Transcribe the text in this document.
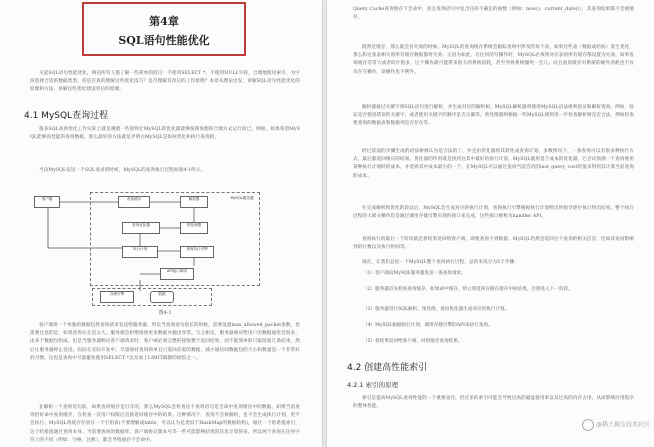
第4章
SQL语句性能优化
关起SQL语句性能优化，相信所有人都了解一些简单的技巧：不使用SELECT *、不使用NULL字段，合理地使用索引、为字段选择合适的数据类型，你是否真的理解这些优化技巧？是否理解其背后的工作原理？本章从理论出发，讲解SQL语句性能优化的原理和方法，讲解这些优化建设背后的原理。
4.1 MySQL查询过程
很多SQL查询优化工作实际上就是遵循一些原则让MySQL的优化器能够按照预想的合理方式运行而已。例如，如果希望MySQL能够高性能的查询数据，那么最好的方法就是弄明白MySQL是如何优化和执行查询的。
当向MySQL发送一个SQL请求的时候，MySQL的查询执行过程如图4-1所示。
客户端	查询缓存	解析器
预处理器
查询优化器
执行计划	查询执行引擎
API接口调用
存储引擎	数据
MySQL服务器
图4-1
客户端用一个单独的数据包将查询请求发送给服务器，所以当查询语句很长的时候，需要设置max_allowed_packet参数，但需要注意的是，如果查询实在是太大，服务端会拒绝接收更多数据并抛出异常。与之相反，服务器响应给用户的数据通常会很多，由多个数据包组成。但是当服务器响应客户端请求时，客户端必须完整的接收整个返回结果，而不能简单的只取前面几条结果，然后让服务器停止发送。因而在实际开发中，尽量保持查询简单且只返回必需的数据，减小通信间数据包的大小和数量是一个非常好的习惯，这也是查询中尽量避免使用SELECT *以及加上LIMIT限制的原因之一。
在解析一个查询语句前，如果查询缓存是打开的，那么MySQL会检查这个查询语句是否命中查询缓存中的数据。如果当前查询恰好命中查询缓存，在检查一次用户权限后直接返回缓存中的结果。这种情况下，查询不会被解析，也不会生成执行计划，更不会执行。MySQL将缓存存放在一个引用表(不要理解成table，可以认为是类似于HashMap的数据结构)，通过一个哈希值索引，这个哈希值通过查询本身、当前要查询的数据库、客户端协议版本号等一些可能影响结果的信息计算得来。所以两个查询在任何字符上的不同（例如：空格、注释），都会导致缓存不会命中。
Query Cache查询缓存下会命中，而且查询语句中包含任何不确定的函数（例如：now()、current_date()），其查询结果都不会被缓存。
既然是缓存，那么就会有失效的时候。MySQL的查询缓存系统会跟踪查询中涉及的每个表，如果这些表（数据或结构）发生变化，那么和这张表相关的所有缓存数据都将失效。正因为如此，在任何的写操作时，MySQL必须将对应表的所有缓存都设置为失效。如果查询缓存非常大或者碎片很多，这个操作就可能带来很大的系统消耗，甚至导致系统僵死一会儿。而且查询缓存对系统的额外消耗也不仅仅在写操作，读操作也不例外。
解析器通过关键字将SQL语句进行解析，并生成对应的解析树。MySQL解析器将使用MySQL语法规则验证和解析查询。例如，验证是否使用错误的关键字，或者使用关键字的顺序是否正确等。预处理器则根据一些MySQL规则进一步检查解析树是否合法，例如检查要查询的数据表和数据列是否存在等。
经过前面的步骤生成的语法树被认为是合法的了，并且由优化器将其转化成查询计划。多数情况下，一条查询可以有很多种执行方式，最后都返回相应的结果。优化器的作用就是找到这其中最好的执行计划。MySQL使用基于成本的优化器，它尝试预测一个查询使用某种执行计划时的成本，并选择其中成本最小的一个。在MySQL可以通过查询当前会话的last_query_cost的值来得到其计算当前查询的成本。
在完成解析和优化阶段以后，MySQL会生成对应的执行计划，查询执行引擎根据执行计划给出的指令逐步执行得出结果。整个执行过程的大部分操作均是通过调用存储引擎实现的接口来完成，这些接口被称为handler API。
查询执行的最后一个阶段就是将结果返回给客户端。即使查询不到数据，MySQL仍然会返回这个查询的相关信息，比如该查询影响到的行数以及执行时间等。
现在，让我们总结一下MySQL整个查询执行过程，总的来说分为5个步骤：
（1）客户端向MySQL服务器发送一条查询请求。
（2）服务器首先检查查询缓存，如果命中缓存，则立刻返回存储在缓存中的结果。否则进入下一阶段。
（3）服务器进行SQL解析、预处理，再由优化器生成对应的执行计划。
（4）MySQL根据执行计划，调用存储引擎的API来执行查询。
（5）将结果返回给客户端，同时缓存查询结果。
4.2 创建高性能索引
4.2.1 索引的原理
索引是提高MySQL查询性能的一个重要途径，但过多的索引可能会导致过高的磁盘使用率以及过高的内存占用，从而影响应用程序的整体性能。
@稀土掘金技术社区
